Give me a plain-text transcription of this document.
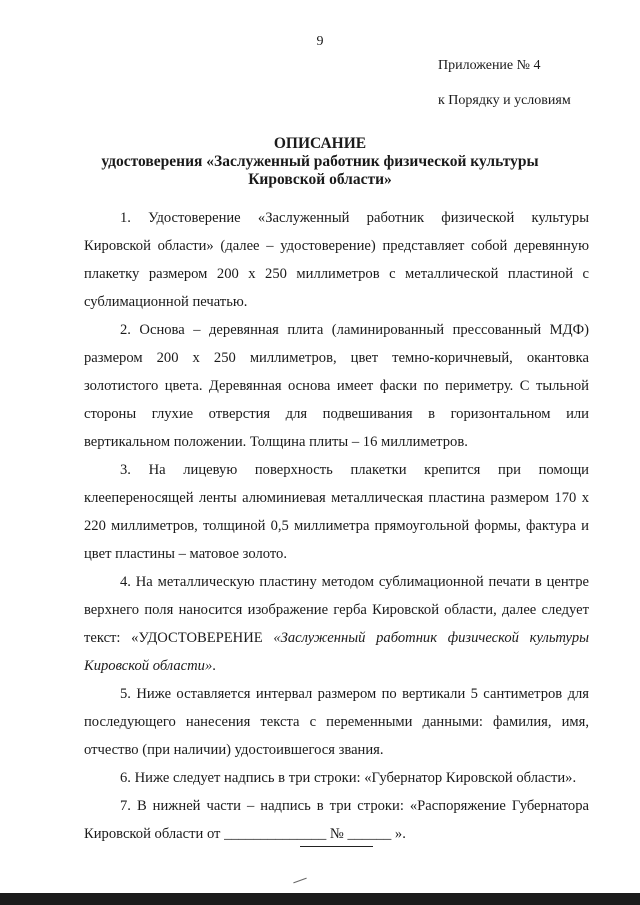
9
Приложение № 4
к Порядку и условиям
ОПИСАНИЕ
удостоверения «Заслуженный работник физической культуры
Кировской области»

1. Удостоверение «Заслуженный работник физической культуры Кировской области» (далее – удостоверение) представляет собой деревянную плакетку размером 200 х 250 миллиметров с металлической пластиной с сублимационной печатью.

2. Основа – деревянная плита (ламинированный прессованный МДФ) размером 200 х 250 миллиметров, цвет темно-коричневый, окантовка золотистого цвета. Деревянная основа имеет фаски по периметру. С тыльной стороны глухие отверстия для подвешивания в горизонтальном или вертикальном положении. Толщина плиты – 16 миллиметров.

3. На лицевую поверхность плакетки крепится при помощи клеепереносящей ленты алюминиевая металлическая пластина размером 170 х 220 миллиметров, толщиной 0,5 миллиметра прямоугольной формы, фактура и цвет пластины – матовое золото.

4. На металлическую пластину методом сублимационной печати в центре верхнего поля наносится изображение герба Кировской области, далее следует текст: «УДОСТОВЕРЕНИЕ «Заслуженный работник физической культуры Кировской области».

5. Ниже оставляется интервал размером по вертикали 5 сантиметров для последующего нанесения текста с переменными данными: фамилия, имя, отчество (при наличии) удостоившегося звания.

6. Ниже следует надпись в три строки: «Губернатор Кировской области».

7. В нижней части – надпись в три строки: «Распоряжение Губернатора Кировской области от ______________ № ______ ».
